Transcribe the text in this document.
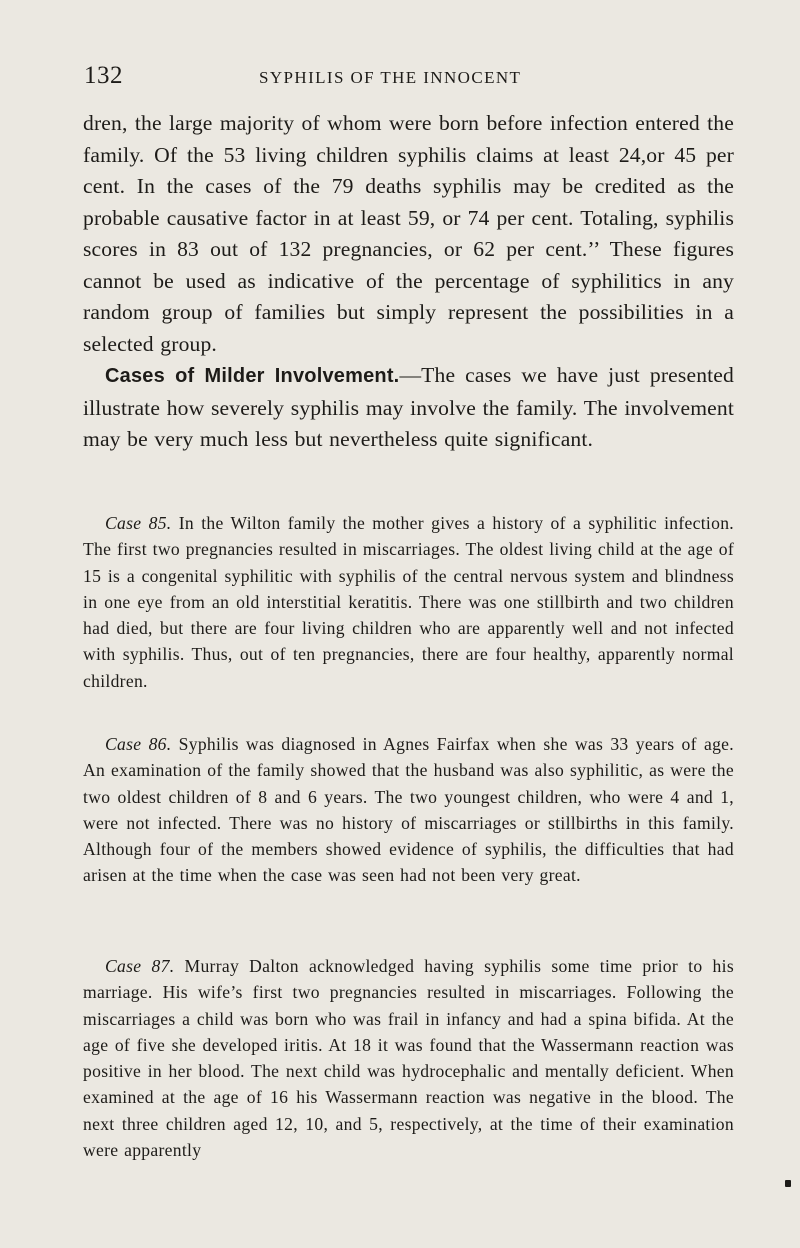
132	SYPHILIS OF THE INNOCENT

dren, the large majority of whom were born before infection entered the family. Of the 53 living children syphilis claims at least 24,or 45 per cent. In the cases of the 79 deaths syphilis may be credited as the probable causative factor in at least 59, or 74 per cent. Totaling, syphilis scores in 83 out of 132 pregnancies, or 62 per cent.’’ These figures cannot be used as indicative of the percentage of syphilitics in any random group of families but simply represent the possibilities in a selected group.

Cases of Milder Involvement.—The cases we have just presented illustrate how severely syphilis may involve the family. The involvement may be very much less but nevertheless quite significant.

Case 85. In the Wilton family the mother gives a history of a syphilitic infection. The first two pregnancies resulted in miscarriages. The oldest living child at the age of 15 is a congenital syphilitic with syphilis of the central nervous system and blindness in one eye from an old interstitial keratitis. There was one stillbirth and two children had died, but there are four living children who are apparently well and not infected with syphilis. Thus, out of ten pregnancies, there are four healthy, apparently normal children.

Case 86. Syphilis was diagnosed in Agnes Fairfax when she was 33 years of age. An examination of the family showed that the husband was also syphilitic, as were the two oldest children of 8 and 6 years. The two youngest children, who were 4 and 1, were not infected. There was no history of miscarriages or stillbirths in this family. Although four of the members showed evidence of syphilis, the difficulties that had arisen at the time when the case was seen had not been very great.

Case 87. Murray Dalton acknowledged having syphilis some time prior to his marriage. His wife’s first two pregnancies resulted in miscarriages. Following the miscarriages a child was born who was frail in infancy and had a spina bifida. At the age of five she developed iritis. At 18 it was found that the Wassermann reaction was positive in her blood. The next child was hydrocephalic and mentally deficient. When examined at the age of 16 his Wassermann reaction was negative in the blood. The next three children aged 12, 10, and 5, respectively, at the time of their examination were apparently
